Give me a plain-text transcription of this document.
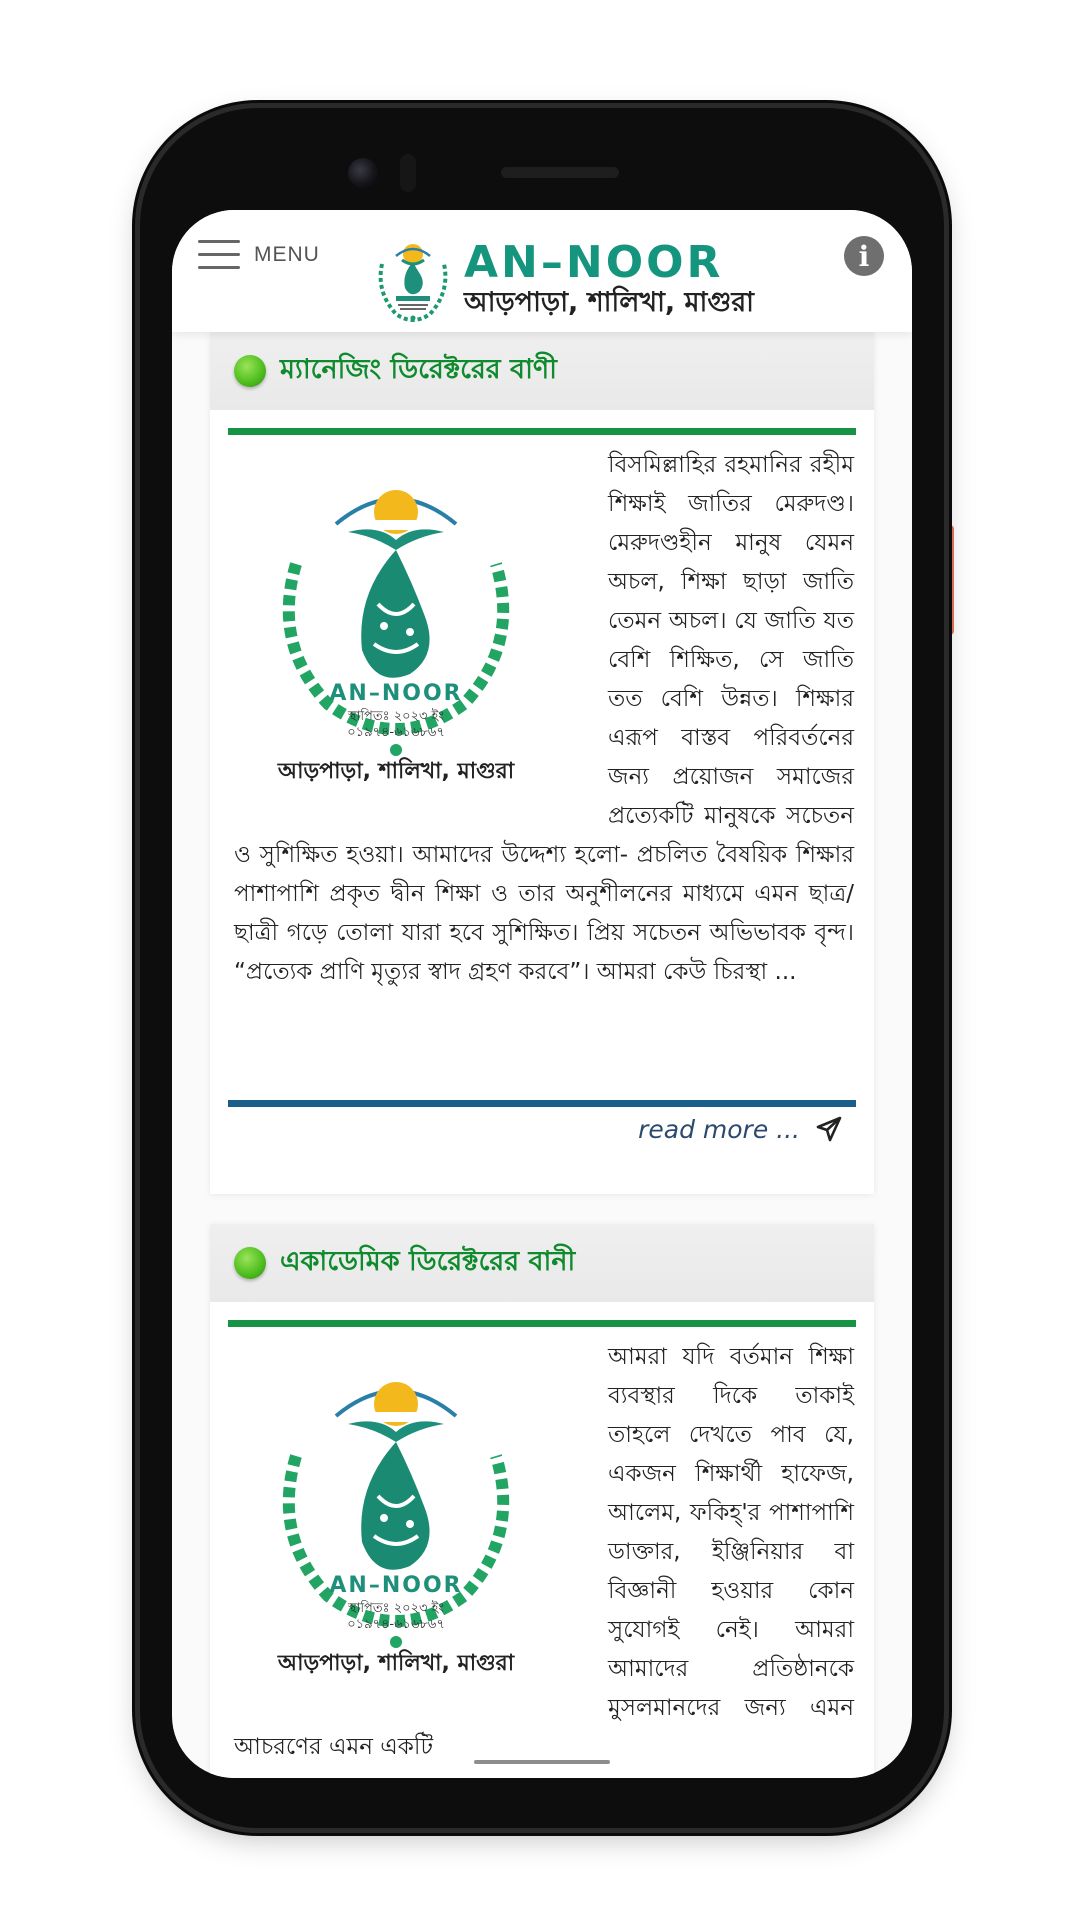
MENU	AN–NOOR
আড়পাড়া, শালিখা, মাগুরা
i
ম্যানেজিং ডিরেক্টরের বাণী
AN–NOOR
স্থাপিতঃ ২০২৩ ইং
০১৯৭৪-৬১৬৮৬৭
আড়পাড়া, শালিখা, মাগুরা
বিসমিল্লাহির রহমানির রহীম শিক্ষাই জাতির মেরুদণ্ড। মেরুদণ্ডহীন মানুষ যেমন অচল, শিক্ষা ছাড়া জাতি তেমন অচল। যে জাতি যত বেশি শিক্ষিত, সে জাতি তত বেশি উন্নত। শিক্ষার এরূপ বাস্তব পরিবর্তনের জন্য প্রয়োজন সমাজের প্রত্যেকটি মানুষকে সচেতন ও সুশিক্ষিত হওয়া। আমাদের উদ্দেশ্য হলো- প্রচলিত বৈষয়িক শিক্ষার পাশাপাশি প্রকৃত দ্বীন শিক্ষা ও তার অনুশীলনের মাধ্যমে এমন ছাত্র/ছাত্রী গড়ে তোলা যারা হবে সুশিক্ষিত। প্রিয় সচেতন অভিভাবক বৃন্দ। “প্রত্যেক প্রাণি মৃত্যুর স্বাদ গ্রহণ করবে”। আমরা কেউ চিরস্থা ...
read more ...
একাডেমিক ডিরেক্টরের বানী
AN–NOOR
স্থাপিতঃ ২০২৩ ইং
০১৯৭৪-৬১৬৮৬৭
আড়পাড়া, শালিখা, মাগুরা
আমরা যদি বর্তমান শিক্ষা ব্যবস্থার দিকে তাকাই তাহলে দেখতে পাব যে, একজন শিক্ষার্থী হাফেজ, আলেম, ফকিহ্'র পাশাপাশি ডাক্তার, ইঞ্জিনিয়ার বা বিজ্ঞানী হওয়ার কোন সুযোগই নেই। আমরা আমাদের প্রতিষ্ঠানকে মুসলমানদের জন্য এমন আচরণের এমন একটি
